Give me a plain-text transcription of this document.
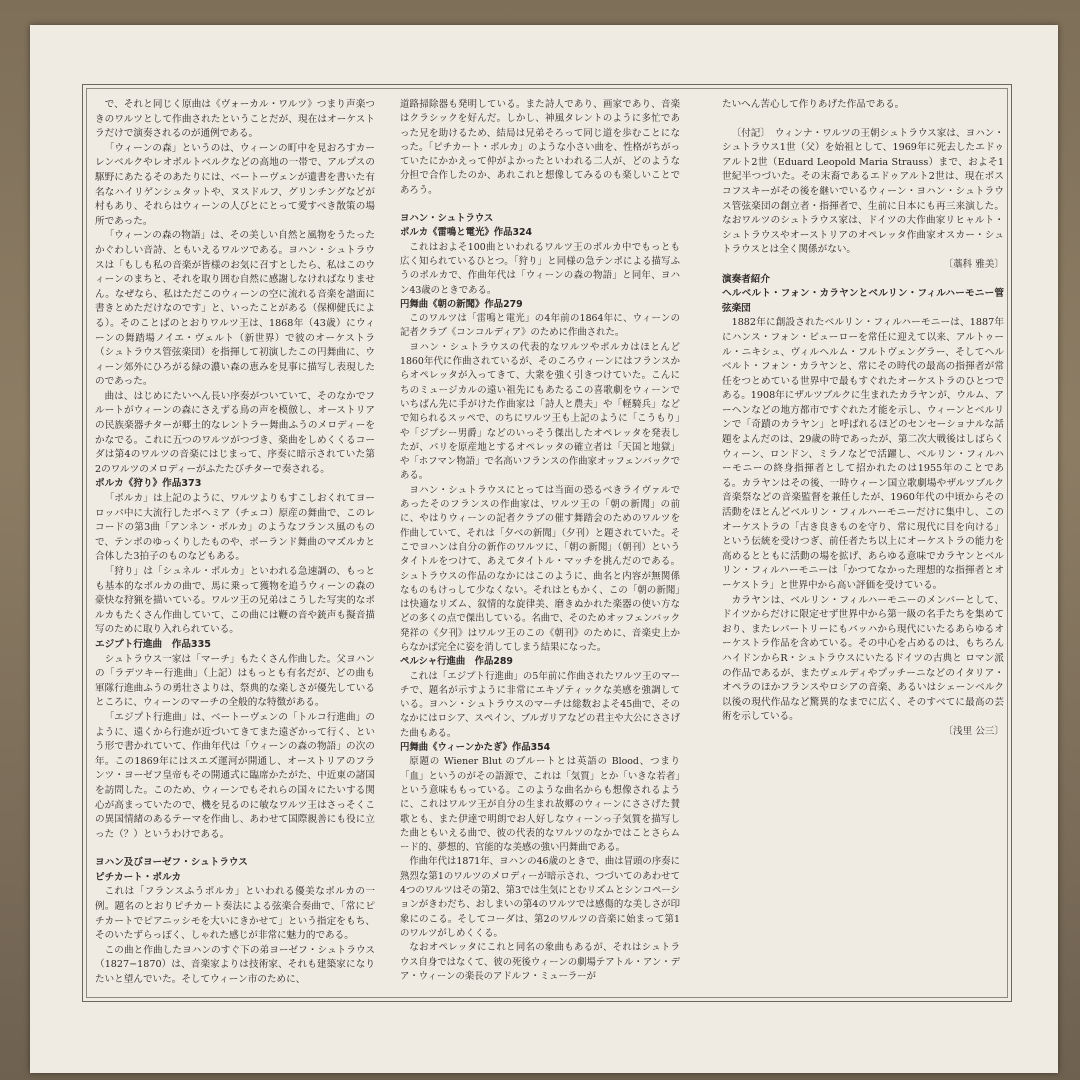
で、それと同じく原曲は《ヴォーカル・ワルツ》つまり声楽つきのワルツとして作曲されたということだが、現在はオーケストラだけで演奏されるのが通例である。

「ウィーンの森」というのは、ウィーンの町中を見おろすカーレンベルクやレオポルトベルクなどの高地の一帯で、アルプスの駆野にあたるそのあたりには、ベートーヴェンが遺書を書いた有名なハイリゲンシュタットや、ヌスドルフ、グリンチングなどが村もあり、それらはウィーンの人びとにとって愛すべき散策の場所であった。

「ウィーンの森の物語」は、その美しい自然と風物をうたったかぐわしい音詩、ともいえるワルツである。ヨハン・シュトラウスは「もしも私の音楽が皆様のお気に召すとしたら、私はこのウィーンのまちと、それを取り囲む自然に感謝しなければなりません。なぜなら、私はただこのウィーンの空に流れる音楽を譜面に書きとめただけなのです」と、いったことがある（保柳健氏による）。そのことばのとおりワルツ王は、1868年（43歳）にウィーンの舞踏場ノイエ・ヴェルト（新世界）で彼のオーケストラ（シュトラウス管弦楽団）を指揮して初演したこの円舞曲に、ウィーン郊外にひろがる緑の濃い森の恵みを見事に描写し表現したのであった。

曲は、はじめにたいへん長い序奏がついていて、そのなかでフルートがウィーンの森にさえずる鳥の声を模倣し、オーストリアの民族楽器チターが郷土的なレントラー舞曲ふうのメロディーをかなでる。これに五つのワルツがつづき、楽曲をしめくくるコーダは第4のワルツの音楽にはじまって、序奏に暗示されていた第2のワルツのメロディーがふたたびチターで奏される。

ポルカ《狩り》作品373

「ポルカ」は上記のように、ワルツよりもすこしおくれてヨーロッパ中に大流行したボヘミア（チェコ）原産の舞曲で、このレコードの第3曲「アンネン・ポルカ」のようなフランス風のもので、テンポのゆっくりしたものや、ポーランド舞曲のマズルカと合体した3拍子のものなどもある。

「狩り」は「シュネル・ポルカ」といわれる急速調の、もっとも基本的なポルカの曲で、馬に乗って獲物を追うウィーンの森の豪快な狩猟を描いている。ワルツ王の兄弟はこうした写実的なポルカもたくさん作曲していて、この曲には鞭の音や銃声も擬音描写のために取り入れられている。

エジプト行進曲　作品335

シュトラウス一家は「マーチ」もたくさん作曲した。父ヨハンの「ラデツキー行進曲」（上記）はもっとも有名だが、どの曲も軍隊行進曲ふうの勇壮さよりは、祭典的な楽しさが優先しているところに、ウィーンのマーチの全般的な特徴がある。

「エジプト行進曲」は、ベートーヴェンの「トルコ行進曲」のように、遠くから行進が近づいてきてまた遠ざかって行く、という形で書かれていて、作曲年代は「ウィーンの森の物語」の次の年。この1869年にはスエズ運河が開通し、オーストリアのフランツ・ヨーゼフ皇帝もその開通式に臨席かたがた、中近東の諸国を訪問した。このため、ウィーンでもそれらの国々にたいする関心が高まっていたので、機を見るのに敏なワルツ王はさっそくこの異国情緒のあるテーマを作曲し、あわせて国際親善にも役に立った（？）というわけである。

ヨハン及びヨーゼフ・シュトラウス

ピチカート・ポルカ

これは「フランスふうポルカ」といわれる優美なポルカの一例。題名のとおりピチカート奏法による弦楽合奏曲で、「常にピチカートでピアニッシモを大いにきかせて」という指定をもち、そのいたずらっぽく、しゃれた感じが非常に魅力的である。

この曲と作曲したヨハンのすぐ下の弟ヨーゼフ・シュトラウス（1827−1870）は、音楽家よりは技術家、それも建築家になりたいと望んでいた。そしてウィーン市のために、

道路掃除器も発明している。また詩人であり、画家であり、音楽はクラシックを好んだ。しかし、神風タレントのように多忙であった兄を助けるため、結局は兄弟そろって同じ道を歩むことになった。「ピチカート・ポルカ」のような小さい曲を、性格がちがっていたにかかえって仲がよかったといわれる二人が、どのような分担で合作したのか、あれこれと想像してみるのも楽しいことであろう。

ヨハン・シュトラウス

ポルカ《雷鳴と電光》作品324

これはおよそ100曲といわれるワルツ王のポルカ中でもっとも広く知られているひとつ。「狩り」と同様の急テンポによる描写ふうのポルカで、作曲年代は「ウィーンの森の物語」と同年、ヨハン43歳のときである。

円舞曲《朝の新聞》作品279

このワルツは「雷鳴と電光」の4年前の1864年に、ウィーンの記者クラブ《コンコルディア》のために作曲された。

ヨハン・シュトラウスの代表的なワルツやポルカはほとんど1860年代に作曲されているが、そのころウィーンにはフランスからオペレッタが入ってきて、大衆を強く引きつけていた。こんにちのミュージカルの遠い祖先にもあたるこの喜歌劇をウィーンでいちばん先に手がけた作曲家は「詩人と農夫」や「軽騎兵」などで知られるスッペで、のちにワルツ王も上記のように「こうもり」や「ジプシー男爵」などのいっそう傑出したオペレッタを発表したが、パリを原産地とするオペレッタの確立者は「天国と地獄」や「ホフマン物語」で名高いフランスの作曲家オッフェンバックである。

ヨハン・シュトラウスにとっては当面の恐るべきライヴァルであったそのフランスの作曲家は、ワルツ王の「朝の新聞」の前に、やはりウィーンの記者クラブの催す舞踏会のためのワルツを作曲していて、それは「夕べの新聞」（夕刊）と題されていた。そこでヨハンは自分の新作のワルツに、「朝の新聞」（朝刊）というタイトルをつけて、あえてタイトル・マッチを挑んだのである。シュトラウスの作品のなかにはこのように、曲名と内容が無関係なものもけっして少なくない。それはともかく、この「朝の新聞」は快適なリズム、叙情的な旋律美、磨きぬかれた楽器の使い方などの多くの点で傑出している。名曲で、そのためオッフェンバック発祥の《夕刊》はワルツ王のこの《朝刊》のために、音楽史上からなかば完全に姿を消してしまう結果になった。

ペルシャ行進曲　作品289

これは「エジプト行進曲」の5年前に作曲されたワルツ王のマーチで、題名が示すように非常にエキゾティックな美感を強調している。ヨハン・シュトラウスのマーチは総数およそ45曲で、そのなかにはロシア、スペイン、ブルガリアなどの君主や大公にささげた曲もある。

円舞曲《ウィーンかたぎ》作品354

原題の Wiener Blut のブルートとは英語の Blood、つまり「血」というのがその語源で、これは「気質」とか「いきな若者」という意味ももっている。このような曲名からも想像されるように、これはワルツ王が自分の生まれ故郷のウィーンにささげた賛歌とも、また伊達で明朗でお人好しなウィーンっ子気質を描写した曲ともいえる曲で、彼の代表的なワルツのなかではことさらムード的、夢想的、官能的な美感の強い円舞曲である。

作曲年代は1871年、ヨハンの46歳のときで、曲は冒頭の序奏に熟烈な第1のワルツのメロディーが暗示され、つづいてのあわせて4つのワルツはその第2、第3では生気にとむリズムとシンコペーションがきわだち、おしまいの第4のワルツでは感傷的な美しさが印象にのこる。そしてコーダは、第2のワルツの音楽に始まって第1のワルツがしめくくる。

なおオペレッタにこれと同名の象曲もあるが、それはシュトラウス自身ではなくて、彼の死後ウィーンの劇場テアトル・アン・デア・ウィーンの楽長のアドルフ・ミューラーが

たいへん苦心して作りあげた作品である。

〔付記〕　ウィンナ・ワルツの王朝シュトラウス家は、ヨハン・シュトラウス1世（父）を始祖として、1969年に死去したエドゥアルト2世（Eduard Leopold Maria Strauss）まで、およそ1世紀半つづいた。その末裔であるエドゥアルト2世は、現在ボスコフスキーがその後を継いでいるウィーン・ヨハン・シュトラウス管弦楽団の創立者・指揮者で、生前に日本にも再三来演した。なおワルツのシュトラウス家は、ドイツの大作曲家リヒャルト・シュトラウスやオーストリアのオペレッタ作曲家オスカー・シュトラウスとは全く関係がない。

〔藁科 雅美〕

演奏者紹介

ヘルベルト・フォン・カラヤンとベルリン・フィルハーモニー管弦楽団

1882年に創設されたベルリン・フィルハーモニーは、1887年にハンス・フォン・ビューローを常任に迎えて以来、アルトゥール・ニキシュ、ヴィルヘルム・フルトヴェングラー、そしてヘルベルト・フォン・カラヤンと、常にその時代の最高の指揮者が常任をつとめている世界中で最もすぐれたオーケストラのひとつである。1908年にザルツブルクに生まれたカラヤンが、ウルム、アーヘンなどの地方都市ですぐれた才能を示し、ウィーンとベルリンで「奇蹟のカラヤン」と呼ばれるほどのセンセーショナルな話題をよんだのは、29歳の時であったが、第二次大戦後はしばらくウィーン、ロンドン、ミラノなどで活躍し、ベルリン・フィルハーモニーの終身指揮者として招かれたのは1955年のことである。カラヤンはその後、一時ウィーン国立歌劇場やザルツブルク音楽祭などの音楽監督を兼任したが、1960年代の中頃からその活動をほとんどベルリン・フィルハーモニーだけに集中し、このオーケストラの「古き良きものを守り、常に現代に目を向ける」という伝統を受けつぎ、前任者たち以上にオーケストラの能力を高めるとともに活動の場を拡げ、あらゆる意味でカラヤンとベルリン・フィルハーモニーは「かつてなかった理想的な指揮者とオーケストラ」と世界中から高い評価を受けている。

カラヤンは、ベルリン・フィルハーモニーのメンバーとして、ドイツからだけに限定せず世界中から第一級の名手たちを集めており、またレパートリーにもバッハから現代にいたるあらゆるオーケストラ作品を含めている。その中心を占めるのは、もちろんハイドンからR・シュトラウスにいたるドイツの古典と ロマン派の作品であるが、またヴェルディやプッチーニなどのイタリア・オペラのほかフランスやロシアの音楽、あるいはシェーンベルク以後の現代作品など驚異的なまでに広く、そのすべてに最高の芸術を示している。

〔浅里 公三〕
